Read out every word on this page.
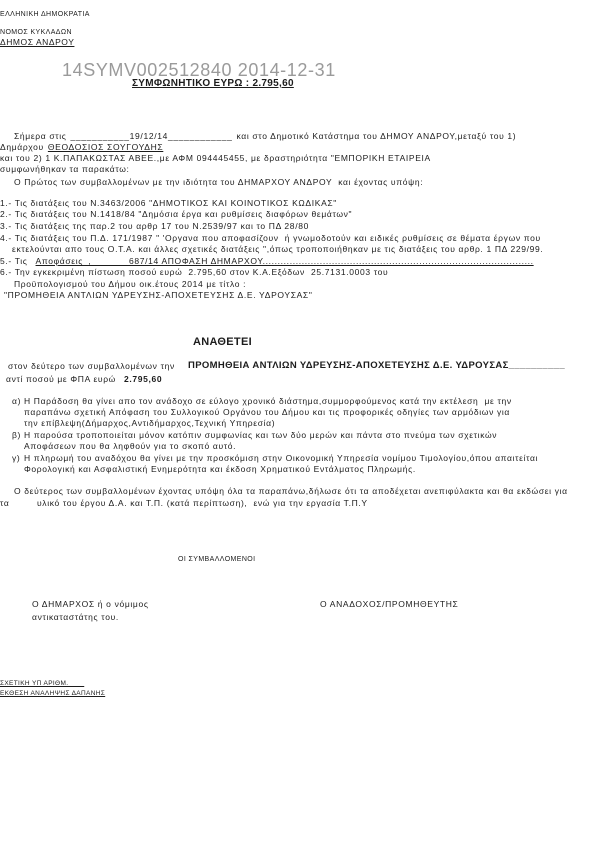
ΕΛΛΗΝΙΚΗ ΔΗΜΟΚΡΑΤΙΑ
ΝΟΜΟΣ ΚΥΚΛΑΔΩΝ
ΔΗΜΟΣ ΑΝΔΡΟΥ
14SYMV002512840 2014-12-31
ΣΥΜΦΩΝΗΤΙΚΟ ΕΥΡΩ : 2.795,60
Σήμερα στις ___________19/12/14____________ και στο Δημοτικό Κατάστημα του ΔΗΜΟΥ ΑΝΔΡΟΥ,μεταξύ του 1)
Δημάρχου ΘΕΟΔΟΣΙΟΣ ΣΟΥΓΟΥΔΗΣ
και του 2) 1 Κ.ΠΑΠΑΚΩΣΤΑΣ ΑΒΕΕ.,με ΑΦΜ 094445455, με δραστηριότητα "ΕΜΠΟΡΙΚΗ ΕΤΑΙΡΕΙΑ
συμφωνήθηκαν τα παρακάτω:
Ο Πρώτος των συμβαλλομένων με την ιδιότητα του ΔΗΜΑΡΧΟΥ ΑΝΔΡΟΥ  και έχοντας υπόψη:
1.- Τις διατάξεις του Ν.3463/2006 "ΔΗΜΟΤΙΚΟΣ ΚΑΙ ΚΟΙΝΟΤΙΚΟΣ ΚΩΔΙΚΑΣ"
2.- Τις διατάξεις του Ν.1418/84 "Δημόσια έργα και ρυθμίσεις διαφόρων θεμάτων"
3.- Τις διατάξεις της παρ.2 του αρθρ 17 του Ν.2539/97 και το ΠΔ 28/80
4.- Τις διατάξεις του Π.Δ. 171/1987 " 'Οργανα που αποφασίζουν  ή γνωμοδοτούν και ειδικές ρυθμίσεις σε θέματα έργων που
εκτελούνται απο τους Ο.Τ.Α. και άλλες σχετικές διατάξεις ",όπως τροποποιήθηκαν με τις διατάξεις του αρθρ. 1 ΠΔ 229/99.
5.- Τις Αποφάσεις_,_______687/14 ΑΠΟΦΑΣΗ ΔΗΜΑΡΧΟΥ..........................................................................................
6.- Την εγκεκριμένη πίστωση ποσού ευρώ  2.795,60 στον Κ.Α.Εξόδων  25.7131.0003 του
Προϋπολογισμού του Δήμου οικ.έτους 2014 με τίτλο :
"ΠΡΟΜΗΘΕΙΑ ΑΝΤΛΙΩΝ ΥΔΡΕΥΣΗΣ-ΑΠΟΧΕΤΕΥΣΗΣ Δ.Ε. ΥΔΡΟΥΣΑΣ"
ΑΝΑΘΕΤΕΙ
στον δεύτερο των συμβαλλομένων την	ΠΡΟΜΗΘΕΙΑ ΑΝΤΛΙΩΝ ΥΔΡΕΥΣΗΣ-ΑΠΟΧΕΤΕΥΣΗΣ Δ.Ε. ΥΔΡΟΥΣΑΣ__________
αντί ποσού με ΦΠΑ ευρώ 2.795,60
α) Η Παράδοση θα γίνει απο τον ανάδοχο σε εύλογο χρονικό διάστημα,συμμορφούμενος κατά την εκτέλεση  με την
παραπάνω σχετική Απόφαση του Συλλογικού Οργάνου του Δήμου και τις προφορικές οδηγίες των αρμόδιων για
την επίβλεψη(Δήμαρχος,Αντιδήμαρχος,Τεχνική Υπηρεσία)
β) Η παρούσα τροποποιείται μόνον κατόπιν συμφωνίας και των δύο μερών και πάντα στο πνεύμα των σχετικών
Αποφάσεων που θα ληφθούν για το σκοπό αυτό.
γ) Η πληρωμή του αναδόχου θα γίνει με την προσκόμιση στην Οικονομική Υπηρεσία νομίμου Τιμολογίου,όπου απαιτείται
Φορολογική και Ασφαλιστική Ενημερότητα και έκδοση Χρηματικού Εντάλματος Πληρωμής.
Ο δεύτερος των συμβαλλομένων έχοντας υπόψη όλα τα παραπάνω,δήλωσε ότι τα αποδέχεται ανεπιφύλακτα και θα εκδώσει για
τα	υλικό του έργου Δ.Α. και Τ.Π. (κατά περίπτωση),  ενώ για την εργασία Τ.Π.Υ
ΟΙ ΣΥΜΒΑΛΛΟΜΕΝΟΙ
Ο ΔΗΜΑΡΧΟΣ ή ο νόμιμος
αντικαταστάτης του.
Ο ΑΝΑΔΟΧΟΣ/ΠΡΟΜΗΘΕΥΤΗΣ
ΣΧΕΤΙΚΗ ΥΠ ΑΡΙΘΜ.____
ΕΚΘΕΣΗ ΑΝΑΛΗΨΗΣ ΔΑΠΑΝΗΣ
